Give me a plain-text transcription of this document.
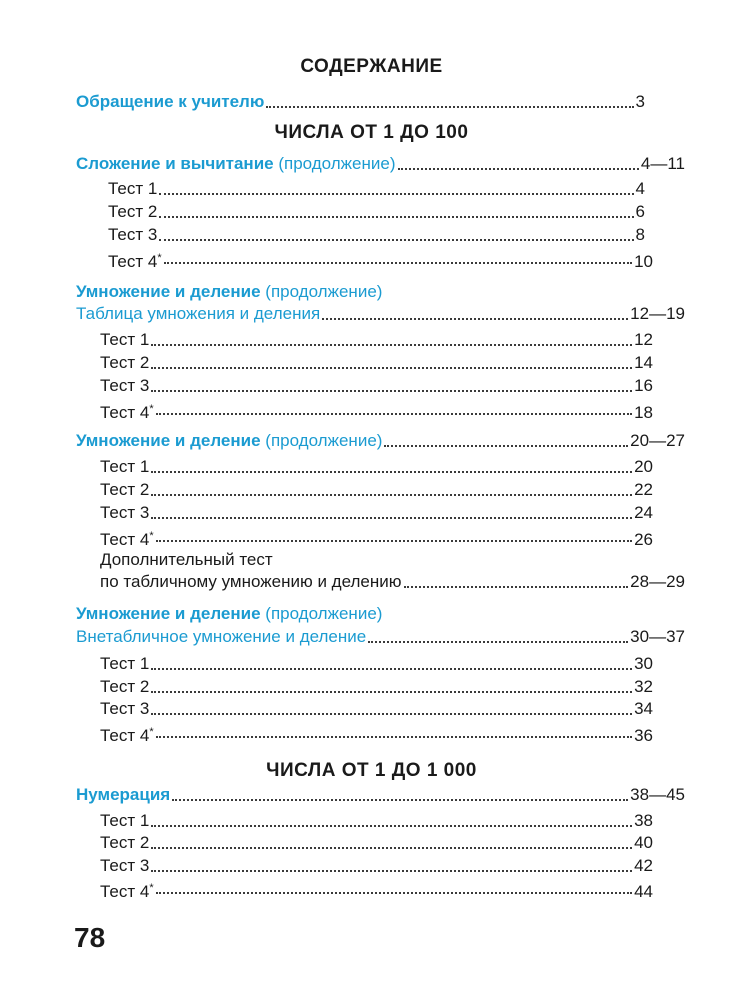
СОДЕРЖАНИЕ
Обращение к учителю	3
ЧИСЛА ОТ 1 ДО 100
Сложение и вычитание (продолжение)	4—11
Тест 1	4
Тест 2	6
Тест 3	8
Тест 4*	10
Умножение и деление (продолжение)
Таблица умножения и деления	12—19
Тест 1	12
Тест 2	14
Тест 3	16
Тест 4*	18
Умножение и деление (продолжение)	20—27
Тест 1	20
Тест 2	22
Тест 3	24
Тест 4*	26
Дополнительный тест
по табличному умножению и делению	28—29
Умножение и деление (продолжение)
Внетабличное умножение и деление	30—37
Тест 1	30
Тест 2	32
Тест 3	34
Тест 4*	36
ЧИСЛА ОТ 1 ДО 1 000
Нумерация	38—45
Тест 1	38
Тест 2	40
Тест 3	42
Тест 4*	44
78
